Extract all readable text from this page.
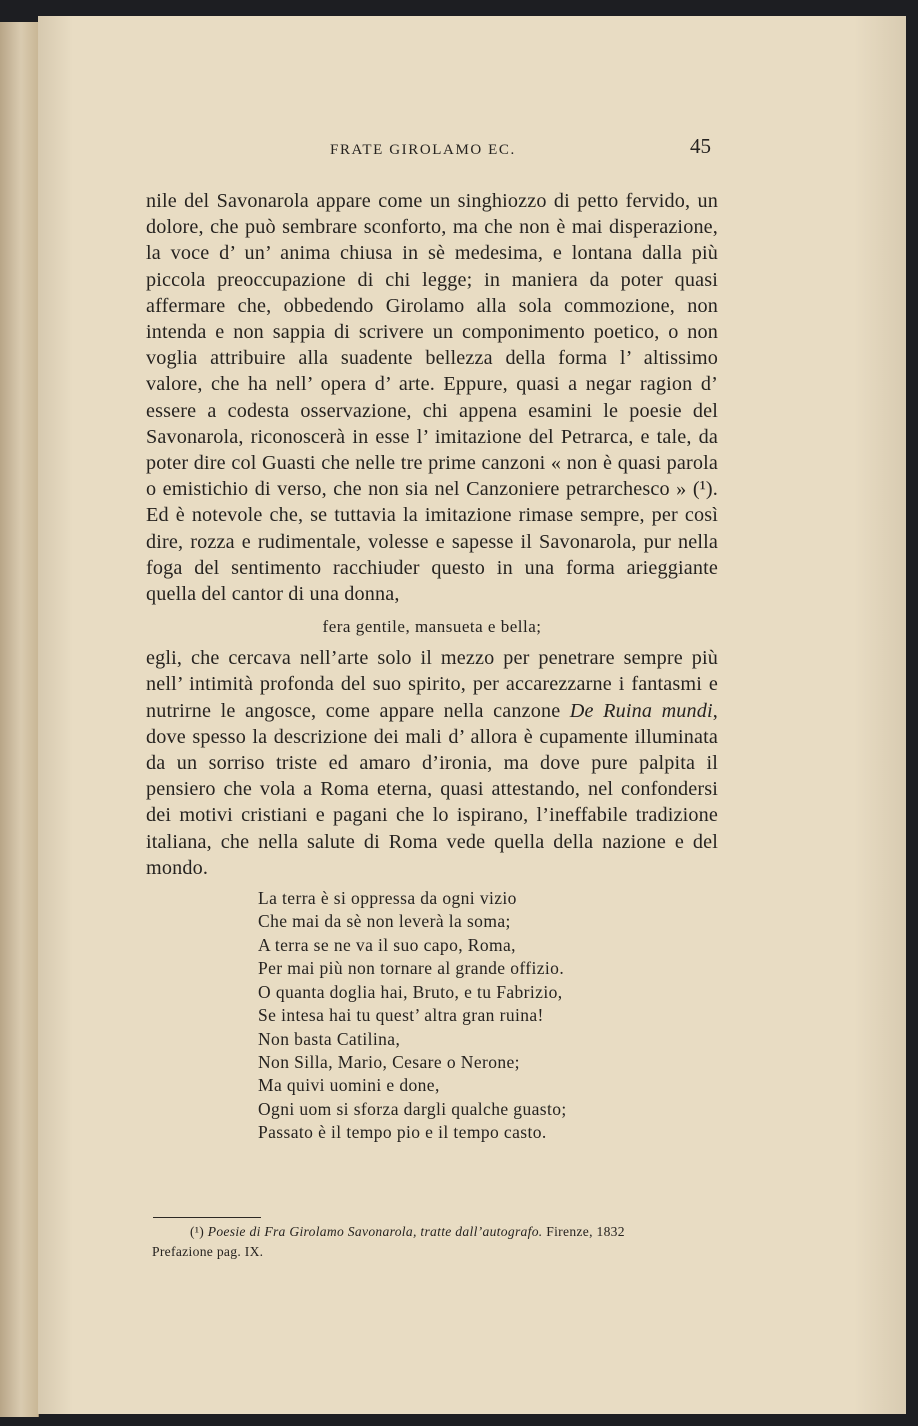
FRATE GIROLAMO EC.	45

nile del Savonarola appare come un singhiozzo di petto fervido, un dolore, che può sembrare sconforto, ma che non è mai disperazione, la voce d’ un’ anima chiusa in sè medesima, e lontana dalla più piccola preoccupazione di chi legge; in maniera da poter quasi affermare che, obbedendo Girolamo alla sola commozione, non intenda e non sappia di scrivere un componimento poetico, o non voglia attribuire alla suadente bellezza della forma l’ altissimo valore, che ha nell’ opera d’ arte. Eppure, quasi a negar ragion d’ essere a codesta osservazione, chi appena esamini le poesie del Savonarola, riconoscerà in esse l’ imitazione del Petrarca, e tale, da poter dire col Guasti che nelle tre prime canzoni « non è quasi parola o emistichio di verso, che non sia nel Canzoniere petrarchesco » (¹). Ed è notevole che, se tuttavia la imitazione rimase sempre, per così dire, rozza e rudimentale, volesse e sapesse il Savonarola, pur nella foga del sentimento racchiuder questo in una forma arieggiante quella del cantor di una donna,

fera gentile, mansueta e bella;

egli, che cercava nell’arte solo il mezzo per penetrare sempre più nell’ intimità profonda del suo spirito, per accarezzarne i fantasmi e nutrirne le angosce, come appare nella canzone De Ruina mundi, dove spesso la descrizione dei mali d’ allora è cupamente illuminata da un sorriso triste ed amaro d’ironia, ma dove pure palpita il pensiero che vola a Roma eterna, quasi attestando, nel confondersi dei motivi cristiani e pagani che lo ispirano, l’ineffabile tradizione italiana, che nella salute di Roma vede quella della nazione e del mondo.

La terra è si oppressa da ogni vizio
Che mai da sè non leverà la soma;
A terra se ne va il suo capo, Roma,
Per mai più non tornare al grande offizio.
O quanta doglia hai, Bruto, e tu Fabrizio,
Se intesa hai tu quest’ altra gran ruina!
Non basta Catilina,
Non Silla, Mario, Cesare o Nerone;
Ma quivi uomini e done,
Ogni uom si sforza dargli qualche guasto;
Passato è il tempo pio e il tempo casto.
(¹) Poesie di Fra Girolamo Savonarola, tratte dall’autografo. Firenze, 1832
Prefazione pag. IX.
